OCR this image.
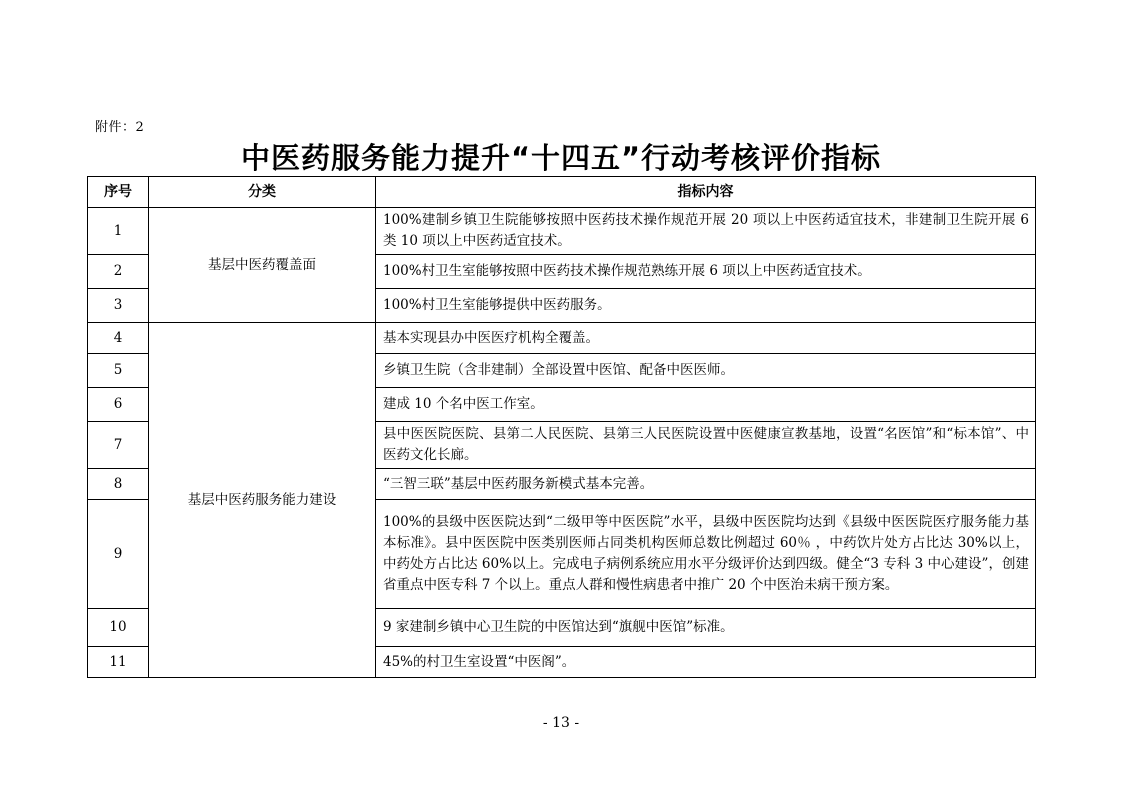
附件：2
中医药服务能力提升“十四五”行动考核评价指标
序号	分类	指标内容
1	基层中医药覆盖面	100%建制乡镇卫生院能够按照中医药技术操作规范开展 20 项以上中医药适宜技术，非建制卫生院开展 6 类 10 项以上中医药适宜技术。
2		100%村卫生室能够按照中医药技术操作规范熟练开展 6 项以上中医药适宜技术。
3		100%村卫生室能够提供中医药服务。
4	基层中医药服务能力建设	基本实现县办中医医疗机构全覆盖。
5		乡镇卫生院（含非建制）全部设置中医馆、配备中医医师。
6		建成 10 个名中医工作室。
7		县中医医院医院、县第二人民医院、县第三人民医院设置中医健康宣教基地，设置“名医馆”和“标本馆”、中医药文化长廊。
8		“三智三联”基层中医药服务新模式基本完善。
9		100%的县级中医医院达到“二级甲等中医医院”水平，县级中医医院均达到《县级中医医院医疗服务能力基本标准》。县中医医院中医类别医师占同类机构医师总数比例超过 60％ ，中药饮片处方占比达 30%以上，中药处方占比达 60%以上。完成电子病例系统应用水平分级评价达到四级。健全“3 专科 3 中心建设”，创建省重点中医专科 7 个以上。重点人群和慢性病患者中推广 20 个中医治未病干预方案。
10		9 家建制乡镇中心卫生院的中医馆达到“旗舰中医馆”标准。
11		45%的村卫生室设置“中医阁”。
- 13 -
